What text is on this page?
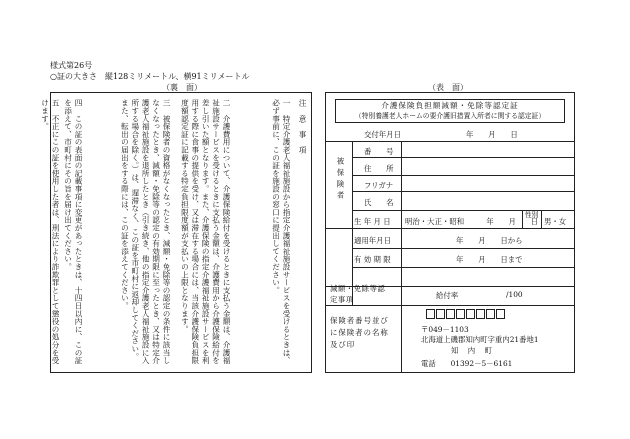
様式第26号
○証の大きさ　縦128ミリメートル、横91ミリメートル
（裏　面）	（表　面）
注　意　事　項
一　特定介護老人福祉施設から指定介護福祉施設サービスを受けるときは、必ず事前に、この証を施設の窓口に提出してください。
二　介護費用について、介護保険給付を受けるときに支払う金額は、介護福祉施設サービスを受けるときに支払う金額は、介護費用から介護保険給付を差し引いた額となります。また、介護保険の指定介護福祉施設サービスを利用する際に食事の提供を受け、又は滞在する場合には、当該介護保険負担限度額認定証に記載する特定負担限度額が支払いの上限となります。
三　被保険者の資格がなくなったとき、減額・免除等の認定の条件に該当しなくなったとき、減額・免除等の認定の有効期限に至ったとき、又は特定介護老人福祉施設を退所したとき（引き続き、他の指定介護老人福祉施設に入所する場合を除く。）は、遅滞なく、この証を市町村に返却してください。また、転出の届出をする際には、この証を添えてください。
四　この証の表面の記載事項に変更があったときは、十四日以内に、この証を添えて、市町村にその旨を届け出てください。
五　不正にこの証を使用した者は、刑法により詐欺罪として懲役の処分を受けます。	介護保険負担額減額・免除等認定証
（特別養護老人ホームの要介護旧措置入所者に関する認定証）
交付年月日	年　　月　　日
被保険者
番　　号
住　　所
フリガナ
氏　　名
生 年 月 日 明治・大正・昭和　　　年　　月　　日
性別
男・女
適用年月日	年　　月　　日から
有 効 期 限	年　　月　　日まで
減額・免除等認定事項	給付率	/100
保険者番号並びに保険者の名称及び印
〒049－1103
北海道上磯郡知内町字重内21番地1
知　内　町
電話　　01392－5－6161
